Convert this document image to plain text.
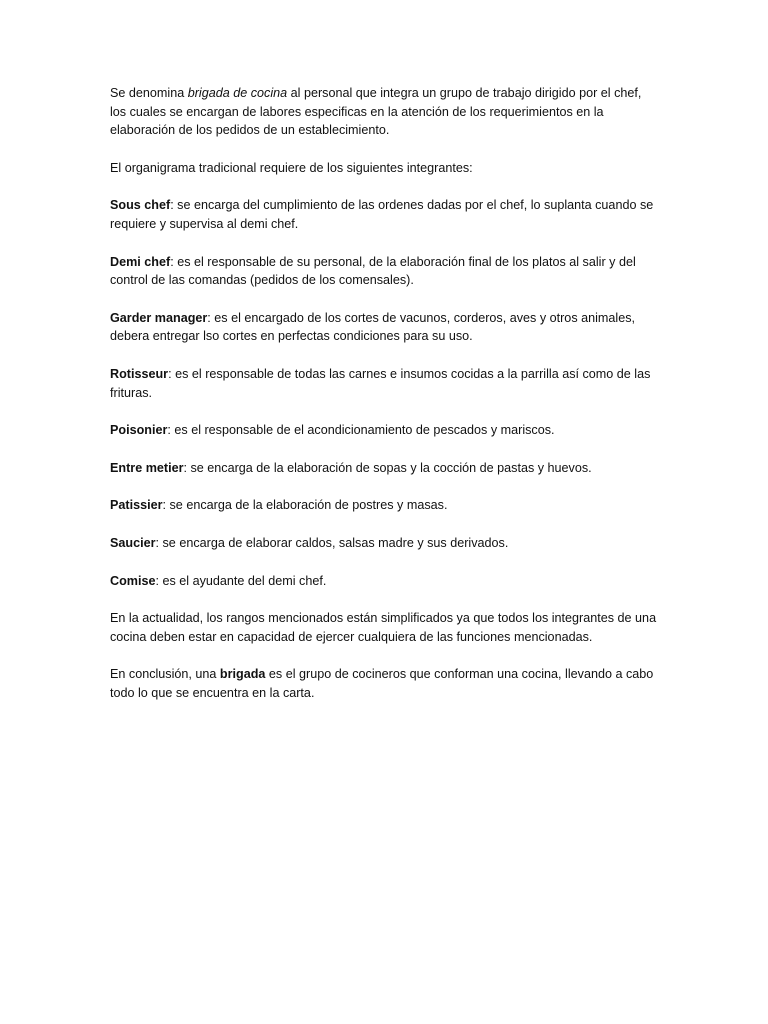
Se denomina brigada de cocina al personal que integra un grupo de trabajo dirigido por el chef, los cuales se encargan de labores especificas en la atención de los requerimientos en la elaboración de los pedidos de un establecimiento.

El organigrama tradicional requiere de los siguientes integrantes:

Sous chef: se encarga del cumplimiento de las ordenes dadas por el chef, lo suplanta cuando se requiere y supervisa al demi chef.

Demi chef: es el responsable de su personal, de la elaboración final de los platos al salir y del control de las comandas (pedidos de los comensales).

Garder manager: es el encargado de los cortes de vacunos, corderos, aves y otros animales, debera entregar lso cortes en perfectas condiciones para su uso.

Rotisseur: es el responsable de todas las carnes e insumos cocidas a la parrilla así como de las frituras.

Poisonier: es el responsable de el acondicionamiento de pescados y mariscos.

Entre metier: se encarga de la elaboración de sopas y la cocción de pastas y huevos.

Patissier: se encarga de la elaboración de postres y masas.

Saucier: se encarga de elaborar caldos, salsas madre y sus derivados.

Comise: es el ayudante del demi chef.

En la actualidad, los rangos mencionados están simplificados ya que todos los integrantes de una cocina deben estar en capacidad de ejercer cualquiera de las funciones mencionadas.

En conclusión, una brigada es el grupo de cocineros que conforman una cocina, llevando a cabo todo lo que se encuentra en la carta.
